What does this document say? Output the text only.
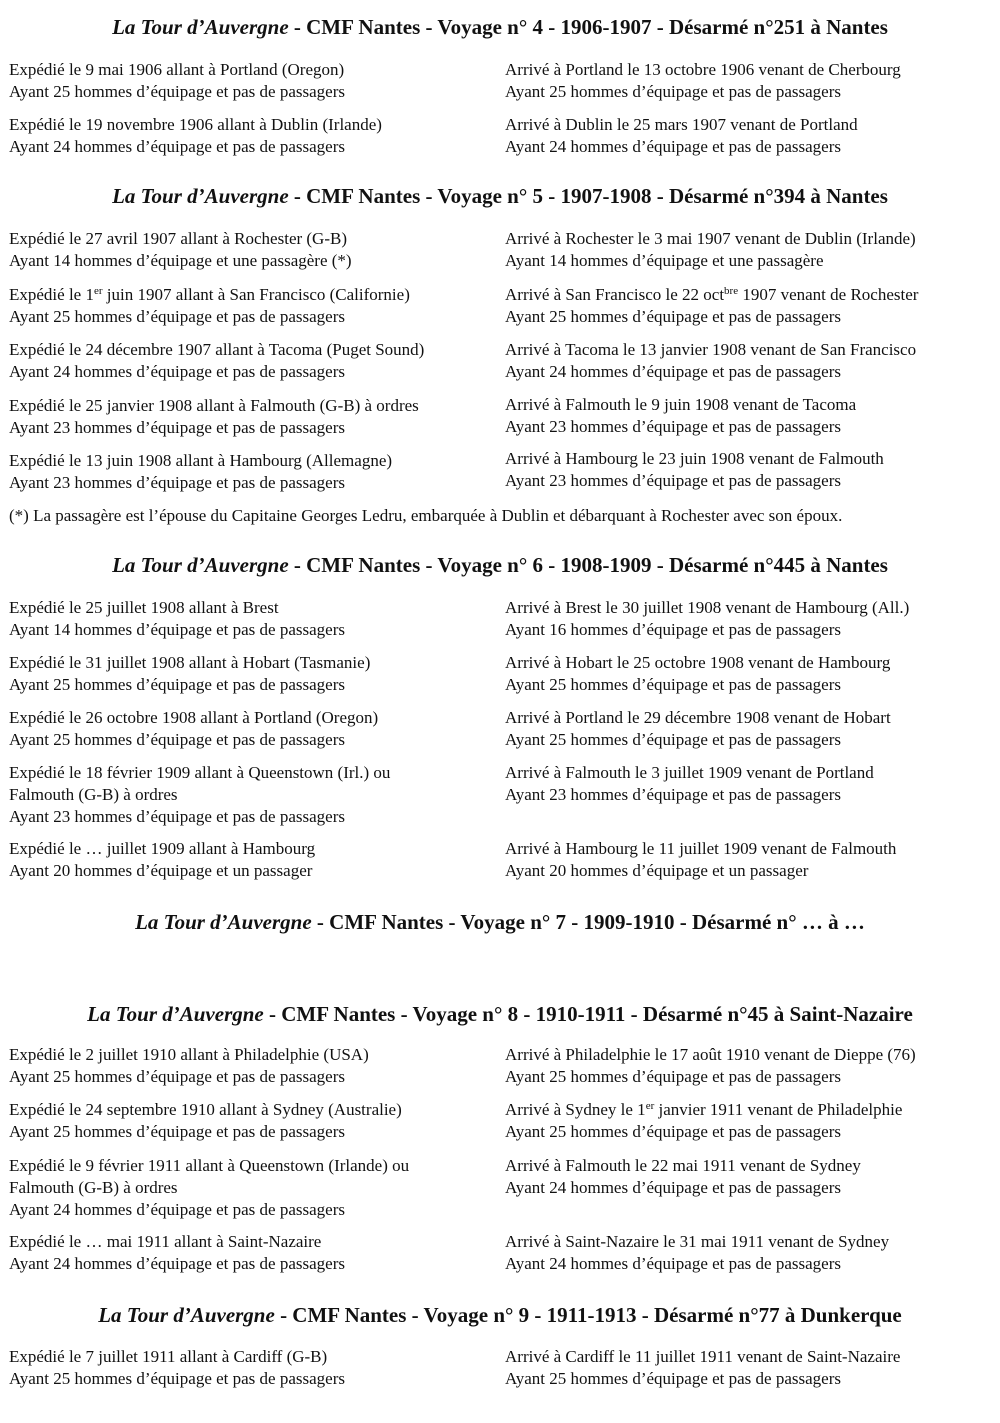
La Tour d’Auvergne - CMF Nantes - Voyage n° 4 - 1906-1907 - Désarmé n°251 à Nantes
Expédié le 9 mai 1906 allant à Portland (Oregon)
Ayant 25 hommes d’équipage et pas de passagers
Arrivé à Portland le 13 octobre 1906 venant de Cherbourg
Ayant 25 hommes d’équipage et pas de passagers
Expédié le 19 novembre 1906 allant à Dublin (Irlande)
Ayant 24 hommes d’équipage et pas de passagers
Arrivé à Dublin le 25 mars 1907 venant de Portland
Ayant 24 hommes d’équipage et pas de passagers
La Tour d’Auvergne - CMF Nantes - Voyage n° 5 - 1907-1908 - Désarmé n°394 à Nantes
Expédié le 27 avril 1907 allant à Rochester (G-B)
Ayant 14 hommes d’équipage et une passagère (*)
Arrivé à Rochester le 3 mai 1907 venant de Dublin (Irlande)
Ayant 14 hommes d’équipage et une passagère
Expédié le 1er juin 1907 allant à San Francisco (Californie)
Ayant 25 hommes d’équipage et pas de passagers
Arrivé à San Francisco le 22 oct$^{bre}$ 1907 venant de Rochester
Ayant 25 hommes d’équipage et pas de passagers
Expédié le 24 décembre 1907 allant à Tacoma (Puget Sound)
Ayant 24 hommes d’équipage et pas de passagers
Arrivé à Tacoma le 13 janvier 1908 venant de San Francisco
Ayant 24 hommes d’équipage et pas de passagers
Expédié le 25 janvier 1908 allant à Falmouth (G-B) à ordres
Ayant 23 hommes d’équipage et pas de passagers
Arrivé à Falmouth le 9 juin 1908 venant de Tacoma
Ayant 23 hommes d’équipage et pas de passagers
Expédié le 13 juin 1908 allant à Hambourg (Allemagne)
Ayant 23 hommes d’équipage et pas de passagers
Arrivé à Hambourg le 23 juin 1908 venant de Falmouth
Ayant 23 hommes d’équipage et pas de passagers
(*) La passagère est l’épouse du Capitaine Georges Ledru, embarquée à Dublin et débarquant à Rochester avec son époux.
La Tour d’Auvergne - CMF Nantes - Voyage n° 6 - 1908-1909 - Désarmé n°445 à Nantes
Expédié le 25 juillet 1908 allant à Brest
Ayant 14 hommes d’équipage et pas de passagers
Arrivé à Brest le 30 juillet 1908 venant de Hambourg (All.)
Ayant 16 hommes d’équipage et pas de passagers
Expédié le 31 juillet 1908 allant à Hobart (Tasmanie)
Ayant 25 hommes d’équipage et pas de passagers
Arrivé à Hobart le 25 octobre 1908 venant de Hambourg
Ayant 25 hommes d’équipage et pas de passagers
Expédié le 26 octobre 1908 allant à Portland (Oregon)
Ayant 25 hommes d’équipage et pas de passagers
Arrivé à Portland le 29 décembre 1908 venant de Hobart
Ayant 25 hommes d’équipage et pas de passagers
Expédié le 18 février 1909 allant à Queenstown (Irl.) ou
Falmouth (G-B) à ordres
Ayant 23 hommes d’équipage et pas de passagers
Arrivé à Falmouth le 3 juillet 1909 venant de Portland
Ayant 23 hommes d’équipage et pas de passagers
Expédié le … juillet 1909 allant à Hambourg
Ayant 20 hommes d’équipage et un passager
Arrivé à Hambourg le 11 juillet 1909 venant de Falmouth
Ayant 20 hommes d’équipage et un passager
La Tour d’Auvergne - CMF Nantes - Voyage n° 7 - 1909-1910 - Désarmé n° … à …
La Tour d’Auvergne - CMF Nantes - Voyage n° 8 - 1910-1911 - Désarmé n°45 à Saint-Nazaire
Expédié le 2 juillet 1910 allant à Philadelphie (USA)
Ayant 25 hommes d’équipage et pas de passagers
Arrivé à Philadelphie le 17 août 1910 venant de Dieppe (76)
Ayant 25 hommes d’équipage et pas de passagers
Expédié le 24 septembre 1910 allant à Sydney (Australie)
Ayant 25 hommes d’équipage et pas de passagers
Arrivé à Sydney le 1er janvier 1911 venant de Philadelphie
Ayant 25 hommes d’équipage et pas de passagers
Expédié le 9 février 1911 allant à Queenstown (Irlande) ou
Falmouth (G-B) à ordres
Ayant 24 hommes d’équipage et pas de passagers
Arrivé à Falmouth le 22 mai 1911 venant de Sydney
Ayant 24 hommes d’équipage et pas de passagers
Expédié le … mai 1911 allant à Saint-Nazaire
Ayant 24 hommes d’équipage et pas de passagers
Arrivé à Saint-Nazaire le 31 mai 1911 venant de Sydney
Ayant 24 hommes d’équipage et pas de passagers
La Tour d’Auvergne - CMF Nantes - Voyage n° 9 - 1911-1913 - Désarmé n°77 à Dunkerque
Expédié le 7 juillet 1911 allant à Cardiff (G-B)
Ayant 25 hommes d’équipage et pas de passagers
Arrivé à Cardiff le 11 juillet 1911 venant de Saint-Nazaire
Ayant 25 hommes d’équipage et pas de passagers
